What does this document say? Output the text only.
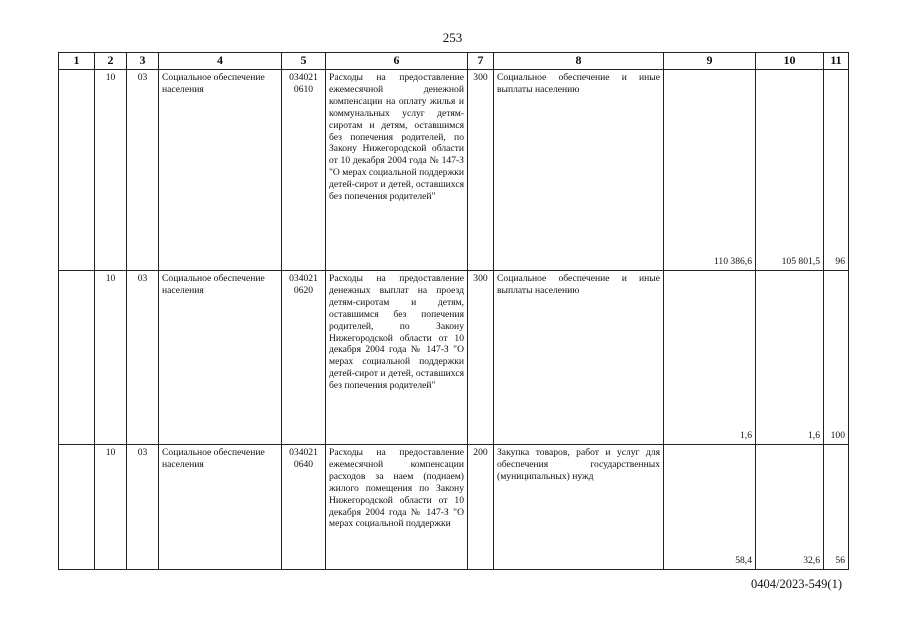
253
1	2	3	4	5	6	7	8	9	10	11
	10	03	Социальное обеспечение населения	034021 0610	Расходы на предоставление ежемесячной денежной компенсации на оплату жилья и коммунальных услуг детям-сиротам и детям, оставшимся без попечения родителей, по Закону Нижегородской области от 10 декабря 2004 года № 147-З "О мерах социальной поддержки детей-сирот и детей, оставшихся без попечения родителей"	300	Социальное обеспечение и иные выплаты населению	110 386,6	105 801,5	96
	10	03	Социальное обеспечение населения	034021 0620	Расходы на предоставление денежных выплат на проезд детям-сиротам и детям, оставшимся без попечения родителей, по Закону Нижегородской области от 10 декабря 2004 года № 147-З "О мерах социальной поддержки детей-сирот и детей, оставшихся без попечения родителей"	300	Социальное обеспечение и иные выплаты населению	1,6	1,6	100
	10	03	Социальное обеспечение населения	034021 0640	Расходы на предоставление ежемесячной компенсации расходов за наем (поднаем) жилого помещения по Закону Нижегородской области от 10 декабря 2004 года № 147-З "О мерах социальной поддержки	200	Закупка товаров, работ и услуг для обеспечения государственных (муниципальных) нужд	58,4	32,6	56
0404/2023-549(1)
